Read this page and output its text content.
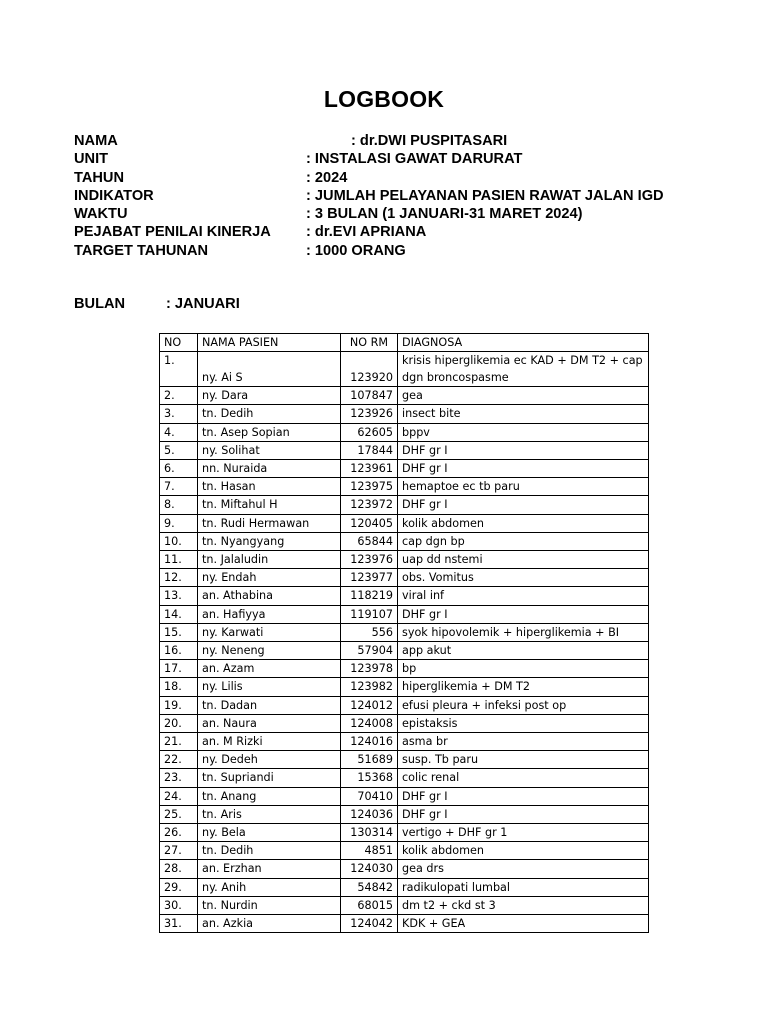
LOGBOOK
NAMA	: dr.DWI PUSPITASARI
UNIT	: INSTALASI GAWAT DARURAT
TAHUN	: 2024
INDIKATOR	: JUMLAH PELAYANAN PASIEN RAWAT JALAN IGD
WAKTU	: 3 BULAN (1 JANUARI-31 MARET 2024)
PEJABAT PENILAI KINERJA : dr.EVI APRIANA
TARGET TAHUNAN	: 1000 ORANG
BULAN	: JANUARI
NO	NAMA PASIEN	NO RM	DIAGNOSA
1.	ny. Ai S	123920	krisis hiperglikemia ec KAD + DM T2 + cap dgn broncospasme
2.	ny. Dara	107847	gea
3.	tn. Dedih	123926	insect bite
4.	tn. Asep Sopian	62605	bppv
5.	ny. Solihat	17844	DHF gr I
6.	nn. Nuraida	123961	DHF gr I
7.	tn. Hasan	123975	hemaptoe ec tb paru
8.	tn. Miftahul H	123972	DHF gr I
9.	tn. Rudi Hermawan	120405	kolik abdomen
10.	tn. Nyangyang	65844	cap dgn bp
11.	tn. Jalaludin	123976	uap dd nstemi
12.	ny. Endah	123977	obs. Vomitus
13.	an. Athabina	118219	viral inf
14.	an. Hafiyya	119107	DHF gr I
15.	ny. Karwati	556	syok hipovolemik + hiperglikemia + BI
16.	ny. Neneng	57904	app akut
17.	an. Azam	123978	bp
18.	ny. Lilis	123982	hiperglikemia + DM T2
19.	tn. Dadan	124012	efusi pleura + infeksi post op
20.	an. Naura	124008	epistaksis
21.	an. M Rizki	124016	asma br
22.	ny. Dedeh	51689	susp. Tb paru
23.	tn. Supriandi	15368	colic renal
24.	tn. Anang	70410	DHF gr I
25.	tn. Aris	124036	DHF gr I
26.	ny. Bela	130314	vertigo + DHF gr 1
27.	tn. Dedih	4851	kolik abdomen
28.	an. Erzhan	124030	gea drs
29.	ny. Anih	54842	radikulopati lumbal
30.	tn. Nurdin	68015	dm t2 + ckd st 3
31.	an. Azkia	124042	KDK + GEA
